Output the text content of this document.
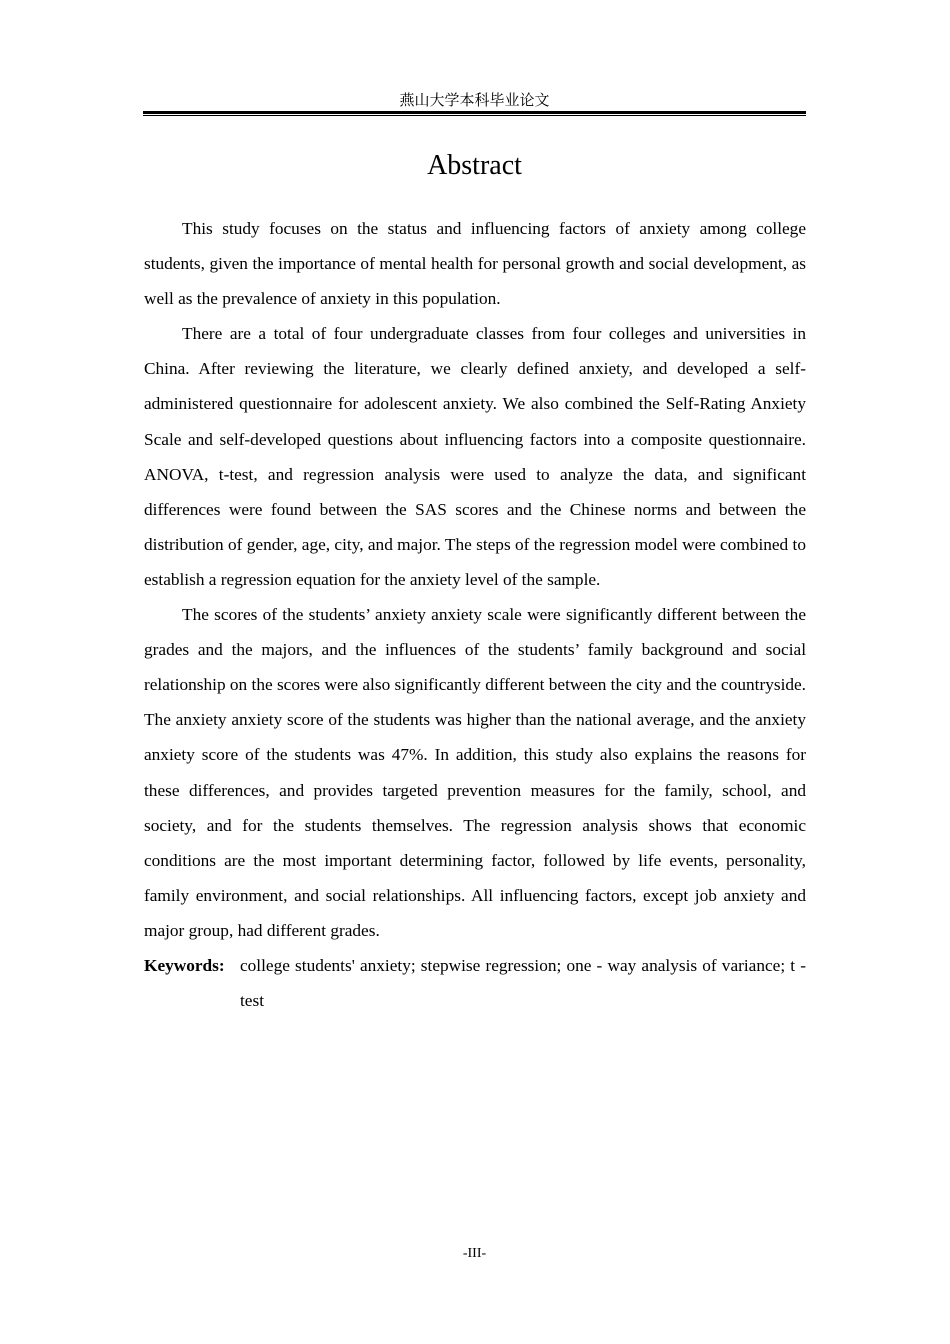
燕山大学本科毕业论文
Abstract

This study focuses on the status and influencing factors of anxiety among college students, given the importance of mental health for personal growth and social development, as well as the prevalence of anxiety in this population.

There are a total of four undergraduate classes from four colleges and universities in China. After reviewing the literature, we clearly defined anxiety, and developed a self-administered questionnaire for adolescent anxiety. We also combined the Self-Rating Anxiety Scale and self-developed questions about influencing factors into a composite questionnaire. ANOVA, t-test, and regression analysis were used to analyze the data, and significant differences were found between the SAS scores and the Chinese norms and between the distribution of gender, age, city, and major. The steps of the regression model were combined to establish a regression equation for the anxiety level of the sample.

The scores of the students’ anxiety anxiety scale were significantly different between the grades and the majors, and the influences of the students’ family background and social relationship on the scores were also significantly different between the city and the countryside. The anxiety anxiety score of the students was higher than the national average, and the anxiety anxiety score of the students was 47%. In addition, this study also explains the reasons for these differences, and provides targeted prevention measures for the family, school, and society, and for the students themselves. The regression analysis shows that economic conditions are the most important determining factor, followed by life events, personality, family environment, and social relationships. All influencing factors, except job anxiety and major group, had different grades.

Keywords: college students' anxiety; stepwise regression; one - way analysis of variance; t - test
-III-
